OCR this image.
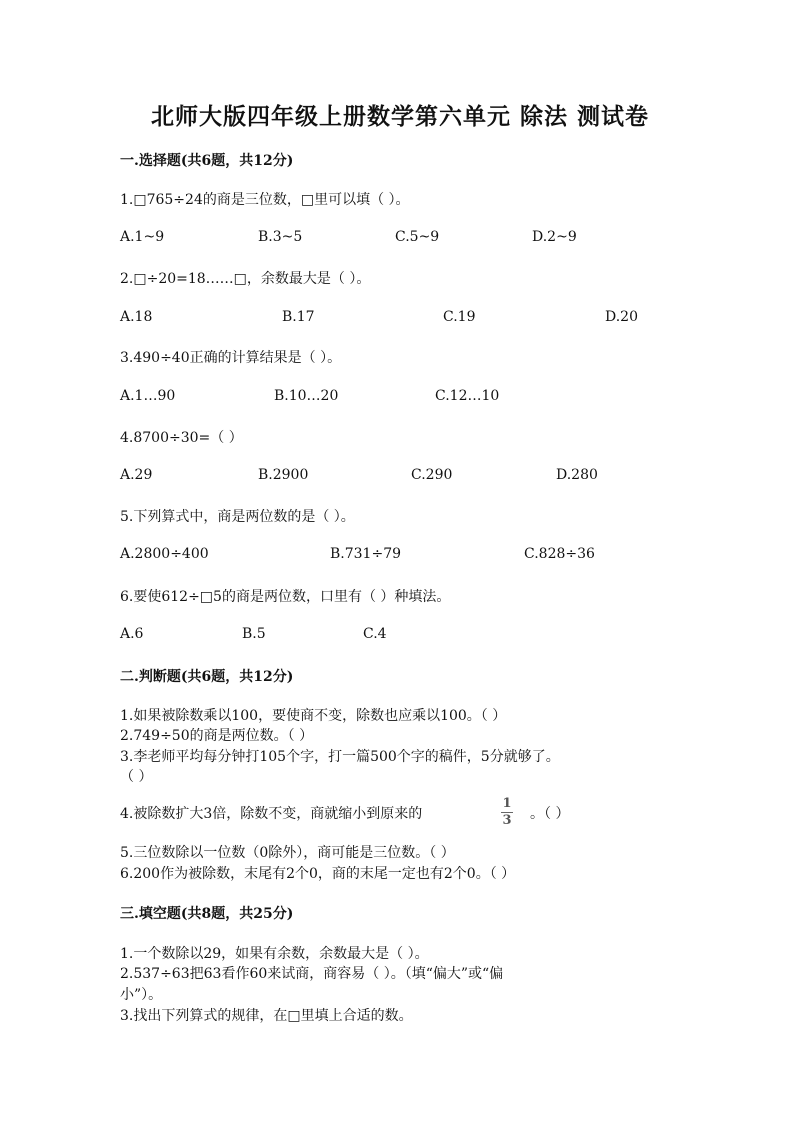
北师大版四年级上册数学第六单元 除法 测试卷
一.选择题(共6题，共12分)
1.□765÷24的商是三位数，□里可以填（ ）。
A.1~9	B.3~5	C.5~9	D.2~9
2.□÷20=18……□，余数最大是（ ）。
A.18	B.17	C.19	D.20
3.490÷40正确的计算结果是（ ）。
A.1…90	B.10…20	C.12…10
4.8700÷30=（ ）
A.29	B.2900	C.290	D.280
5.下列算式中，商是两位数的是（ ）。
A.2800÷400	B.731÷79	C.828÷36
6.要使612÷□5的商是两位数，口里有（ ）种填法。
A.6	B.5	C.4
二.判断题(共6题，共12分)
1.如果被除数乘以100，要使商不变，除数也应乘以100。（ ）
2.749÷50的商是两位数。（ ）
3.李老师平均每分钟打105个字，打一篇500个字的稿件，5分就够了。
（ ）
4.被除数扩大3倍，除数不变，商就缩小到原来的
1
3 。（ ）
5.三位数除以一位数（0除外），商可能是三位数。（ ）
6.200作为被除数，末尾有2个0，商的末尾一定也有2个0。（ ）
三.填空题(共8题，共25分)
1.一个数除以29，如果有余数，余数最大是（ ）。
2.537÷63把63看作60来试商，商容易（ ）。（填“偏大”或“偏
小”）。
3.找出下列算式的规律，在□里填上合适的数。
